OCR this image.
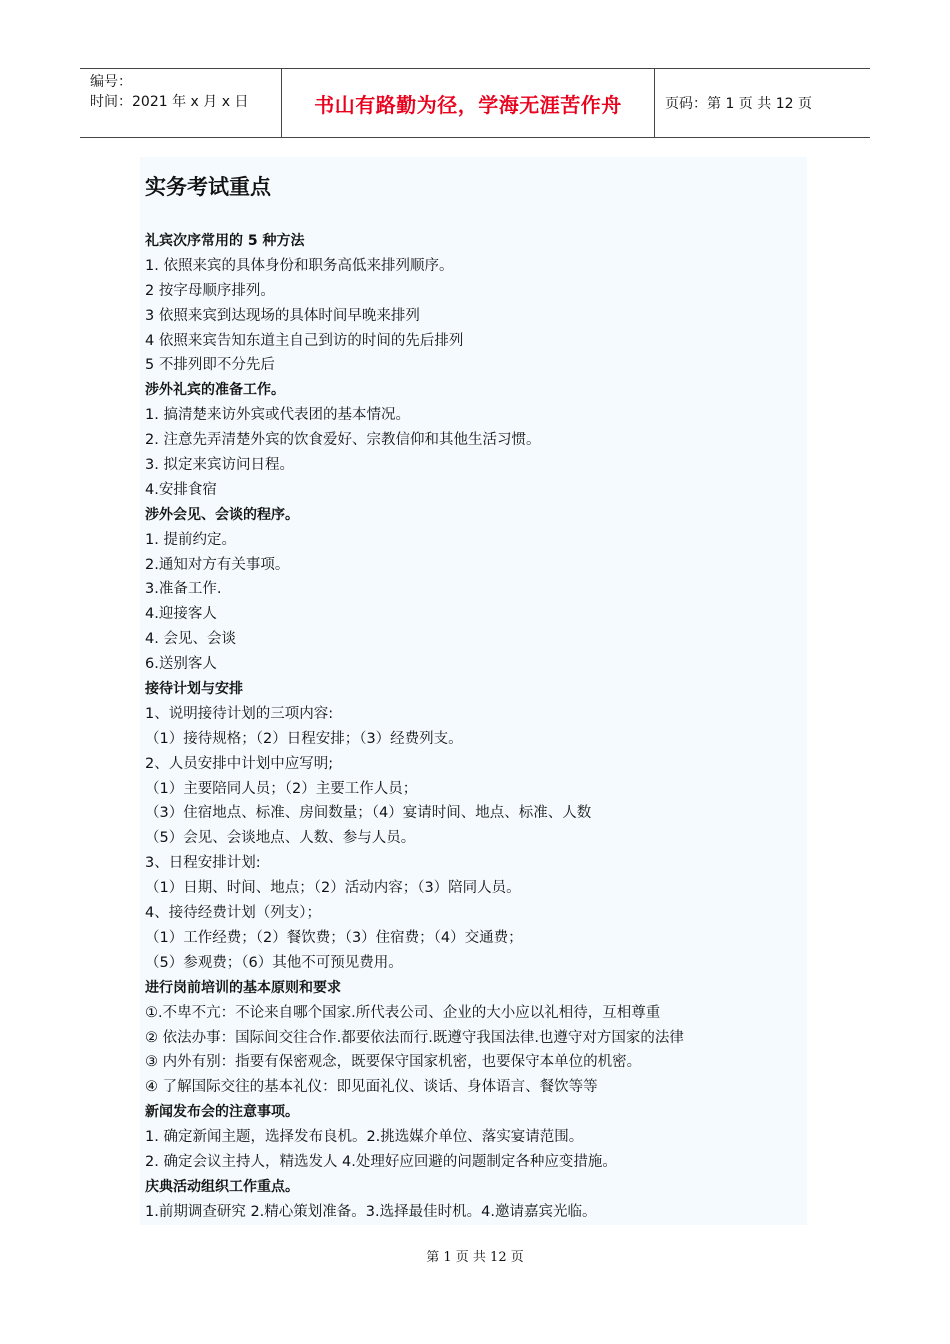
编号：
时间：2021 年 x 月 x 日	书山有路勤为径，学海无涯苦作舟	页码：第 1 页 共 12 页
实务考试重点
礼宾次序常用的 5 种方法
1. 依照来宾的具体身份和职务高低来排列顺序。
2 按字母顺序排列。
3 依照来宾到达现场的具体时间早晚来排列
4 依照来宾告知东道主自己到访的时间的先后排列
5 不排列即不分先后
涉外礼宾的准备工作。
1. 搞清楚来访外宾或代表团的基本情况。
2. 注意先弄清楚外宾的饮食爱好、宗教信仰和其他生活习惯。
3. 拟定来宾访问日程。
4.安排食宿
涉外会见、会谈的程序。
1. 提前约定。
2.通知对方有关事项。
3.准备工作.
4.迎接客人
4. 会见、会谈
6.送别客人
接待计划与安排
1、说明接待计划的三项内容:
（1）接待规格；（2）日程安排；（3）经费列支。
2、人员安排中计划中应写明;
（1）主要陪同人员；（2）主要工作人员；
（3）住宿地点、标准、房间数量；（4）宴请时间、地点、标准、人数
（5）会见、会谈地点、人数、参与人员。
3、日程安排计划:
（1）日期、时间、地点；（2）活动内容；（3）陪同人员。
4、接待经费计划（列支）；
（1）工作经费；（2）餐饮费；（3）住宿费；（4）交通费；
（5）参观费；（6）其他不可预见费用。
进行岗前培训的基本原则和要求
①.不卑不亢：不论来自哪个国家.所代表公司、企业的大小应以礼相待，互相尊重
② 依法办事：国际间交往合作.都要依法而行.既遵守我国法律.也遵守对方国家的法律
③ 内外有别：指要有保密观念，既要保守国家机密，也要保守本单位的机密。
④ 了解国际交往的基本礼仪：即见面礼仪、谈话、身体语言、餐饮等等
新闻发布会的注意事项。
1. 确定新闻主题，选择发布良机。2.挑选媒介单位、落实宴请范围。
2. 确定会议主持人，精选发人 4.处理好应回避的问题制定各种应变措施。
庆典活动组织工作重点。
1.前期调查研究 2.精心策划准备。3.选择最佳时机。4.邀请嘉宾光临。
第 1 页 共 12 页
